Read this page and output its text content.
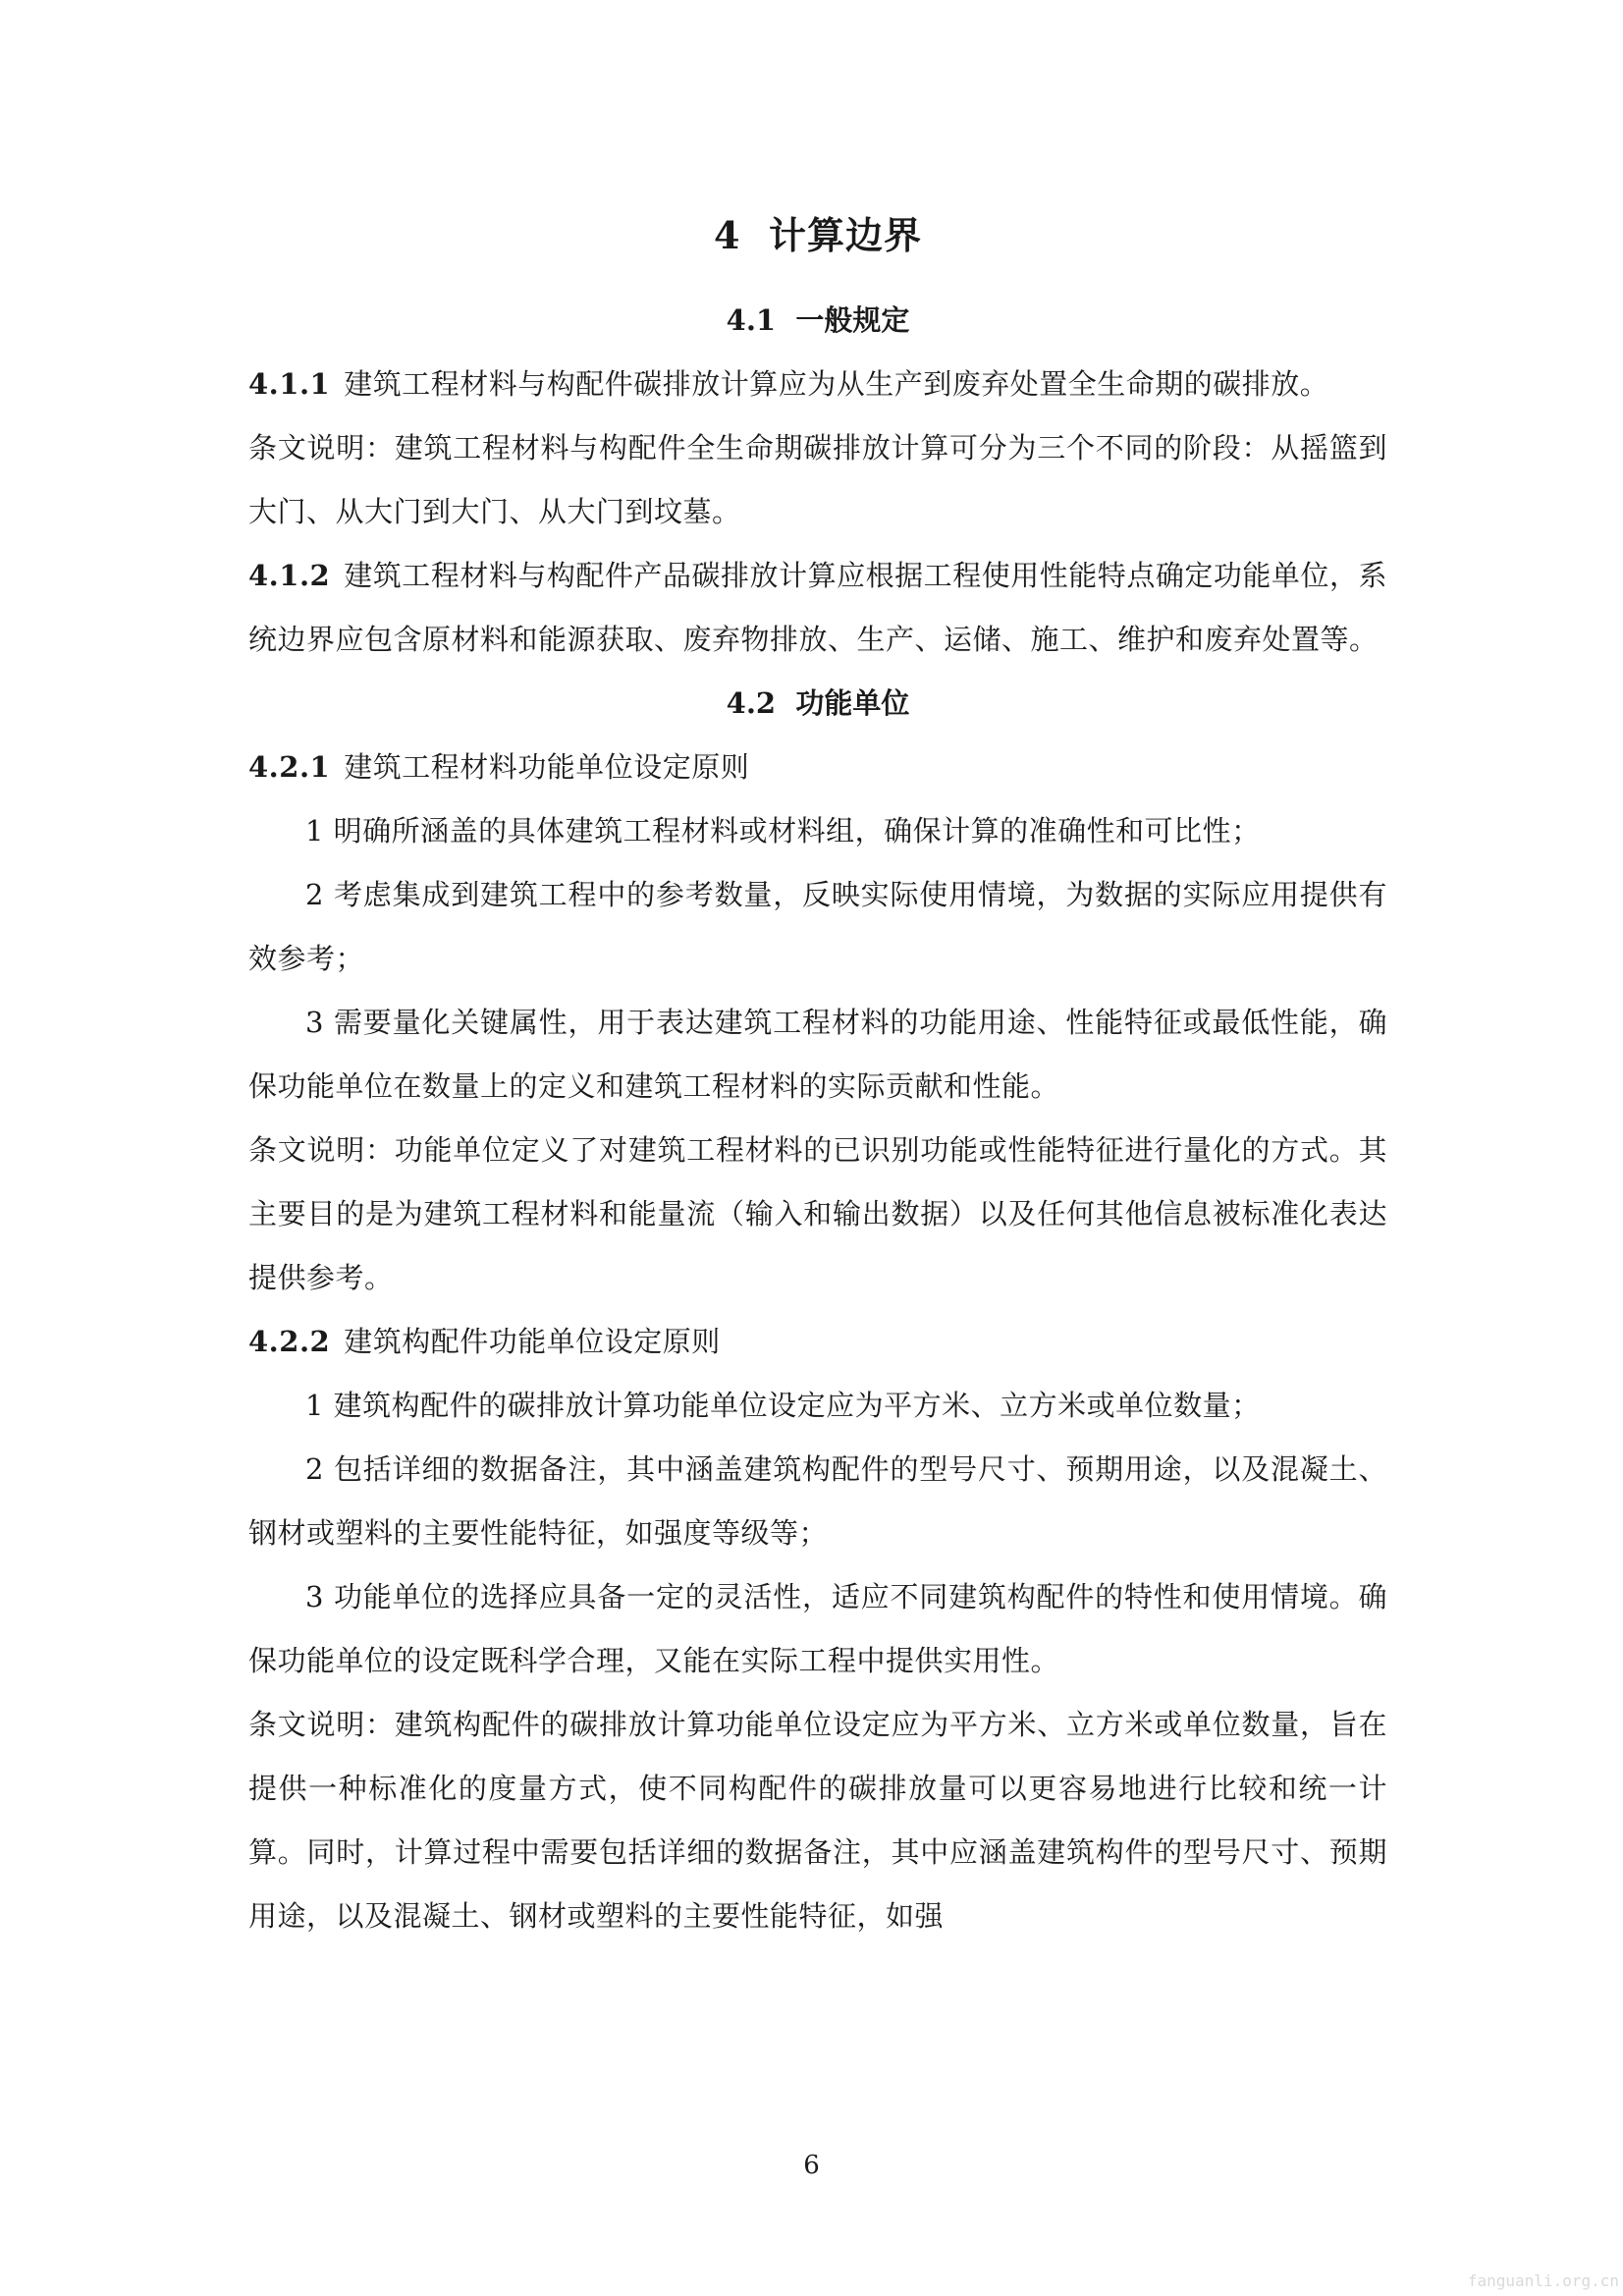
4 计算边界
4.1 一般规定

4.1.1 建筑工程材料与构配件碳排放计算应为从生产到废弃处置全生命期的碳排放。

条文说明：建筑工程材料与构配件全生命期碳排放计算可分为三个不同的阶段：从摇篮到大门、从大门到大门、从大门到坟墓。

4.1.2 建筑工程材料与构配件产品碳排放计算应根据工程使用性能特点确定功能单位，系统边界应包含原材料和能源获取、废弃物排放、生产、运储、施工、维护和废弃处置等。

4.2 功能单位

4.2.1 建筑工程材料功能单位设定原则

1 明确所涵盖的具体建筑工程材料或材料组，确保计算的准确性和可比性；

2 考虑集成到建筑工程中的参考数量，反映实际使用情境，为数据的实际应用提供有效参考；

3 需要量化关键属性，用于表达建筑工程材料的功能用途、性能特征或最低性能，确保功能单位在数量上的定义和建筑工程材料的实际贡献和性能。

条文说明：功能单位定义了对建筑工程材料的已识别功能或性能特征进行量化的方式。其主要目的是为建筑工程材料和能量流（输入和输出数据）以及任何其他信息被标准化表达提供参考。

4.2.2 建筑构配件功能单位设定原则

1 建筑构配件的碳排放计算功能单位设定应为平方米、立方米或单位数量；

2 包括详细的数据备注，其中涵盖建筑构配件的型号尺寸、预期用途，以及混凝土、钢材或塑料的主要性能特征，如强度等级等；

3 功能单位的选择应具备一定的灵活性，适应不同建筑构配件的特性和使用情境。确保功能单位的设定既科学合理，又能在实际工程中提供实用性。

条文说明：建筑构配件的碳排放计算功能单位设定应为平方米、立方米或单位数量，旨在提供一种标准化的度量方式，使不同构配件的碳排放量可以更容易地进行比较和统一计算。同时，计算过程中需要包括详细的数据备注，其中应涵盖建筑构件的型号尺寸、预期用途，以及混凝土、钢材或塑料的主要性能特征，如强

6
fanguanli.org.cn
